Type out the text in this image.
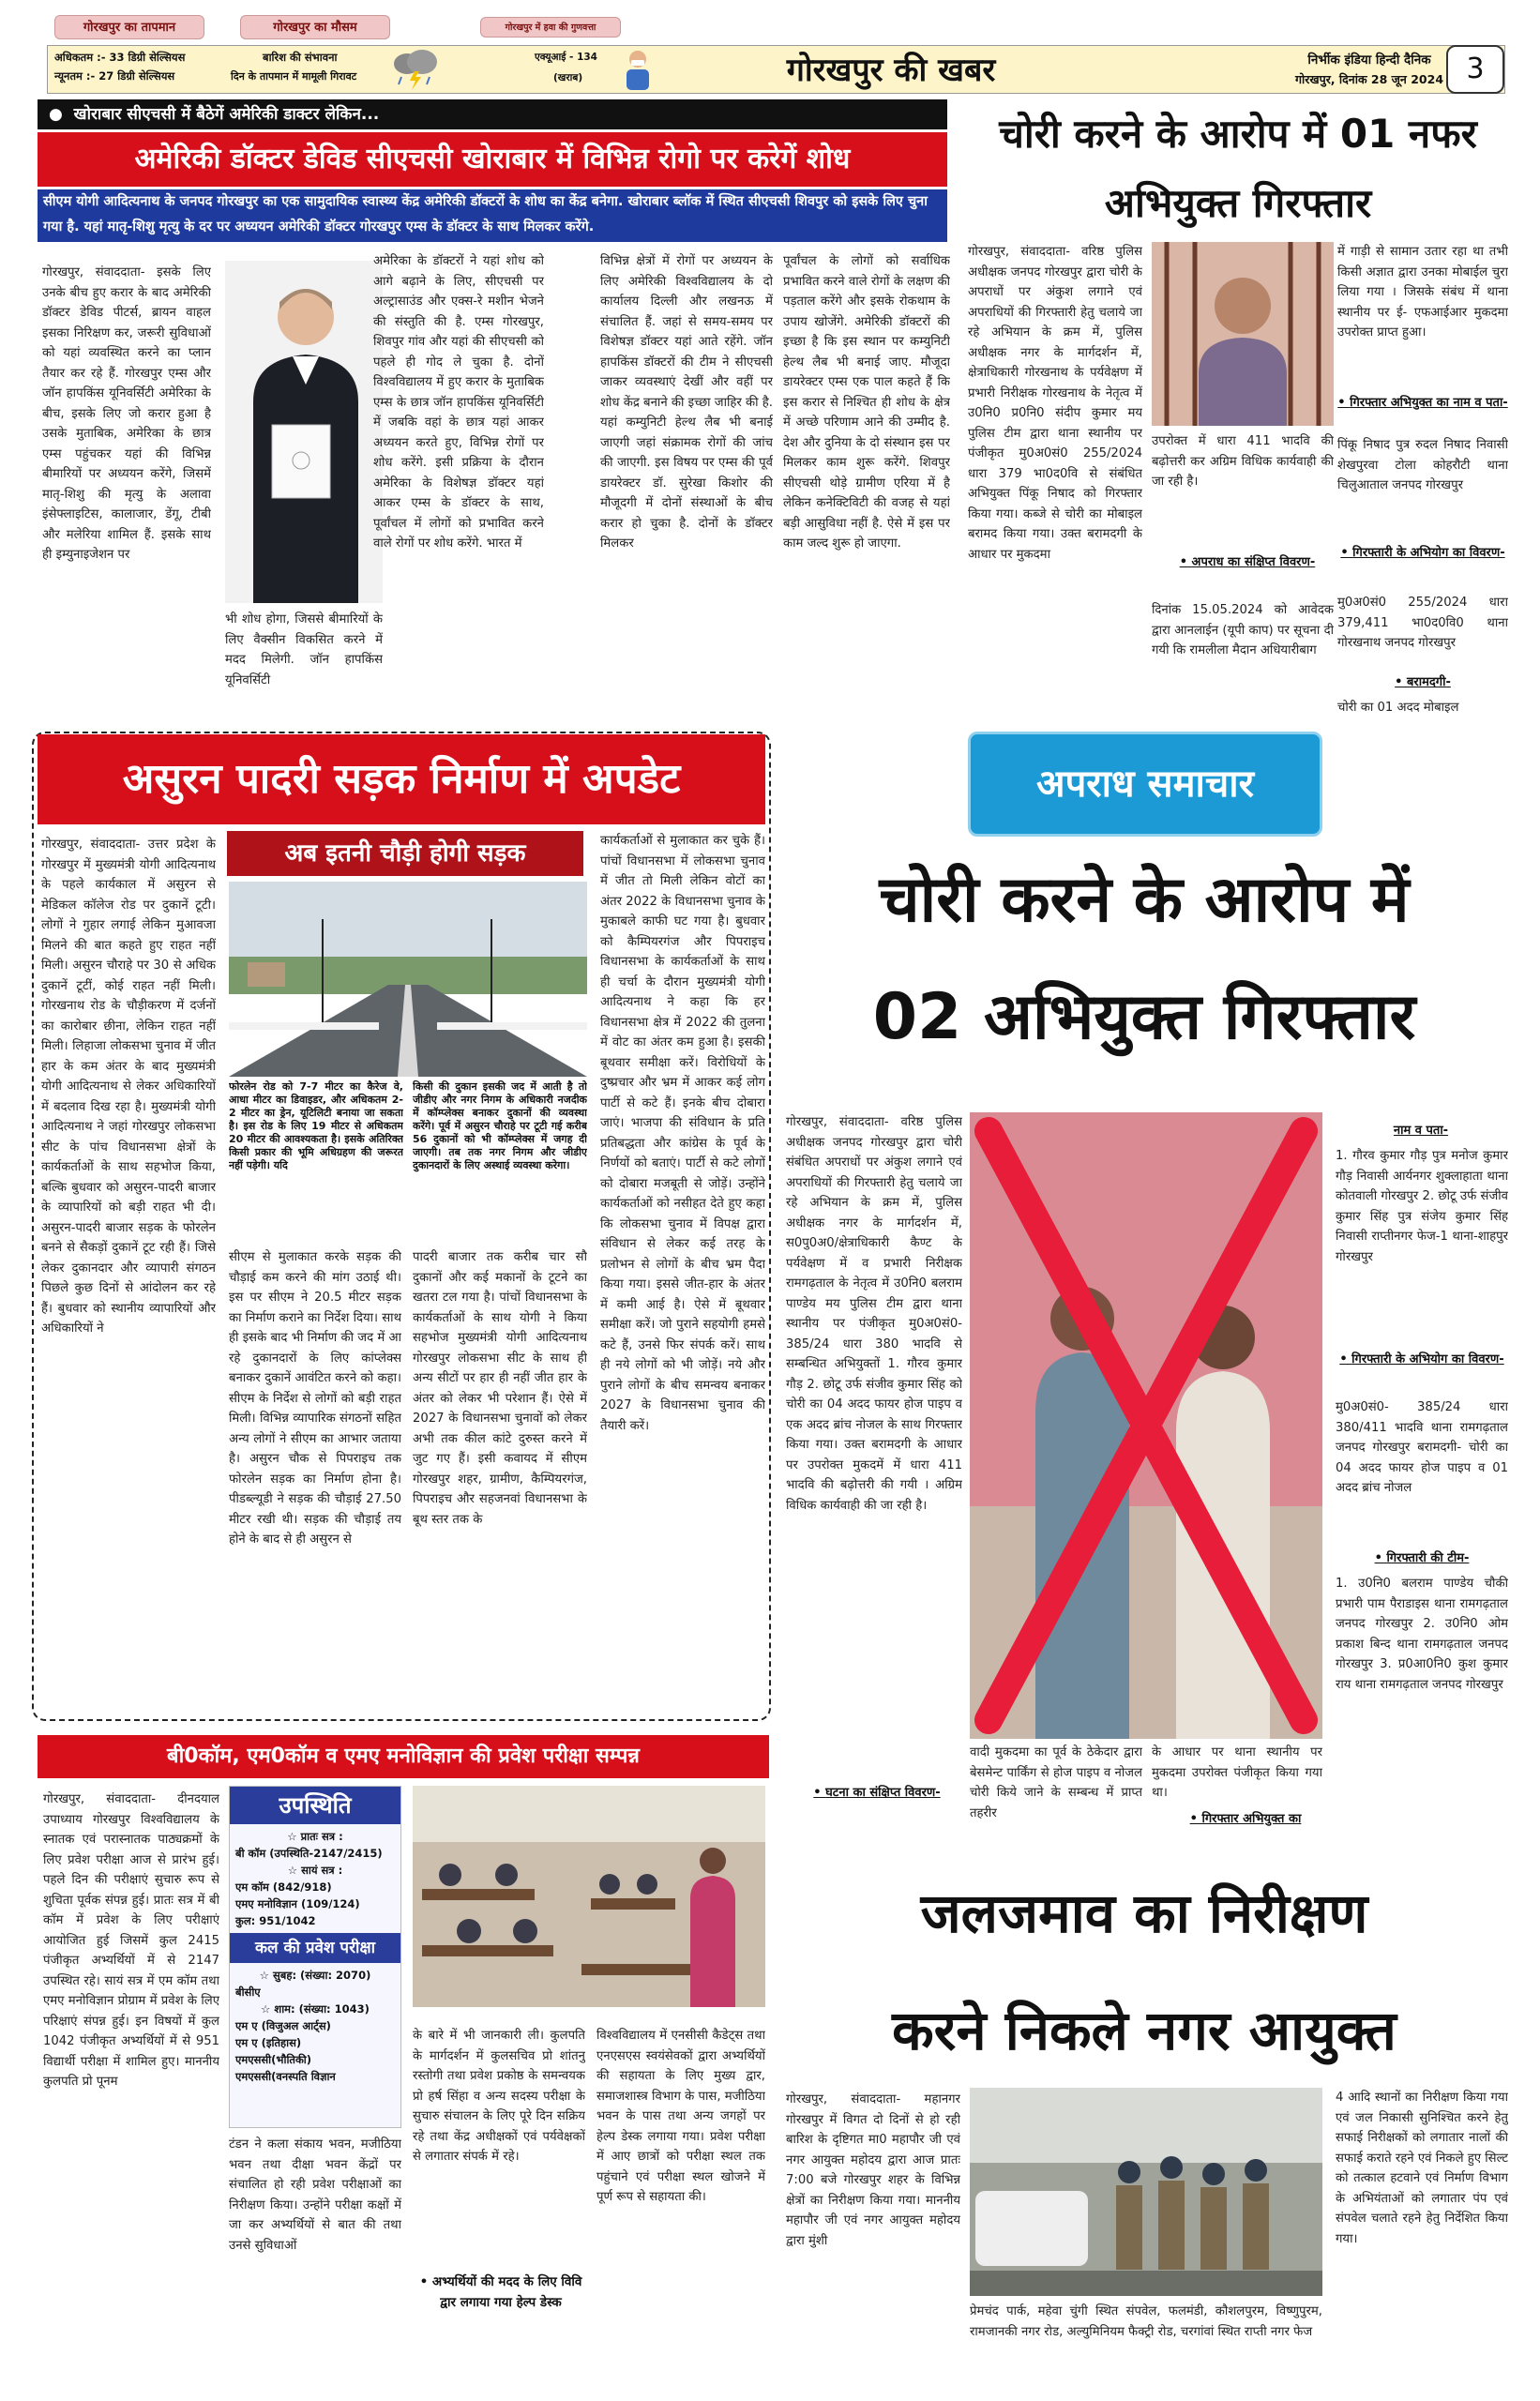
गोरखपुर का तापमान	गोरखपुर का मौसम	गोरखपुर में हवा की गुणवत्ता
अधिकतम :- 33 डिग्री सेल्सियस
न्यूनतम :- 27 डिग्री सेल्सियस
बारिश की संभावना
दिन के तापमान में मामूली गिरावट
एक्यूआई - 134
(खराब)	गोरखपुर की खबर	निर्भीक इंडिया हिन्दी दैनिक
गोरखपुर, दिनांक 28 जून 2024 3
●  खोराबार सीएचसी में बैठेगें अमेरिकी डाक्टर लेकिन...
अमेरिकी डॉक्टर डेविड सीएचसी खोराबार में विभिन्न रोगो पर करेगें शोध
सीएम योगी आदित्यनाथ के जनपद गोरखपुर का एक सामुदायिक स्वास्थ्य केंद्र अमेरिकी डॉक्टरों के शोध का केंद्र बनेगा. खोराबार ब्लॉक में स्थित सीएचसी शिवपुर को इसके लिए चुना गया है. यहां मातृ-शिशु मृत्यु के दर पर अध्ययन अमेरिकी डॉक्टर गोरखपुर एम्स के डॉक्टर के साथ मिलकर करेंगे.
गोरखपुर, संवाददाता- इसके लिए उनके बीच हुए करार के बाद अमेरिकी डॉक्टर डेविड पीटर्स, ब्रायन वाहल इसका निरिक्षण कर, जरूरी सुविधाओं को यहां व्यवस्थित करने का प्लान तैयार कर रहे हैं. गोरखपुर एम्स और जॉन हापकिंस यूनिवर्सिटी अमेरिका के बीच, इसके लिए जो करार हुआ है उसके मुताबिक, अमेरिका के छात्र एम्स पहुंचकर यहां की विभिन्न बीमारियों पर अध्ययन करेंगे, जिसमें मातृ-शिशु की मृत्यु के अलावा इंसेफ्लाइटिस, कालाजार, डेंगू, टीबी और मलेरिया शामिल हैं. इसके साथ ही इम्युनाइजेशन पर
भी शोध होगा, जिससे बीमारियों के लिए वैक्सीन विकसित करने में मदद मिलेगी. जॉन हापकिंस यूनिवर्सिटी
अमेरिका के डॉक्टरों ने यहां शोध को आगे बढ़ाने के लिए, सीएचसी पर अल्ट्रासाउंड और एक्स-रे मशीन भेजने की संस्तुति की है. एम्स गोरखपुर, शिवपुर गांव और यहां की सीएचसी को पहले ही गोद ले चुका है. दोनों विश्वविद्यालय में हुए करार के मुताबिक एम्स के छात्र जॉन हापकिंस यूनिवर्सिटी में जबकि वहां के छात्र यहां आकर अध्ययन करते हुए, विभिन्न रोगों पर शोध करेंगे. इसी प्रक्रिया के दौरान अमेरिका के विशेषज्ञ डॉक्टर यहां आकर एम्स के डॉक्टर के साथ, पूर्वांचल में लोगों को प्रभावित करने वाले रोगों पर शोध करेंगे. भारत में
विभिन्न क्षेत्रों में रोगों पर अध्ययन के लिए अमेरिकी विश्वविद्यालय के दो कार्यालय दिल्ली और लखनऊ में संचालित हैं. जहां से समय-समय पर विशेषज्ञ डॉक्टर यहां आते रहेंगे. जॉन हापकिंस डॉक्टरों की टीम ने सीएचसी जाकर व्यवस्थाएं देखीं और वहीं पर शोध केंद्र बनाने की इच्छा जाहिर की है. यहां कम्युनिटी हेल्थ लैब भी बनाई जाएगी जहां संक्रामक रोगों की जांच की जाएगी. इस विषय पर एम्स की पूर्व डायरेक्टर डॉ. सुरेखा किशोर की मौजूदगी में दोनों संस्थाओं के बीच करार हो चुका है. दोनों के डॉक्टर मिलकर
पूर्वांचल के लोगों को सर्वाधिक प्रभावित करने वाले रोगों के लक्षण की पड़ताल करेंगे और इसके रोकथाम के उपाय खोजेंगे. अमेरिकी डॉक्टरों की इच्छा है कि इस स्थान पर कम्युनिटी हेल्थ लैब भी बनाई जाए. मौजूदा डायरेक्टर एम्स एक पाल कहते हैं कि इस करार से निश्चित ही शोध के क्षेत्र में अच्छे परिणाम आने की उम्मीद है. देश और दुनिया के दो संस्थान इस पर मिलकर काम शुरू करेंगे. शिवपुर सीएचसी थोड़े ग्रामीण एरिया में है लेकिन कनेक्टिविटी की वजह से यहां बड़ी आसुविधा नहीं है. ऐसे में इस पर काम जल्द शुरू हो जाएगा.
चोरी करने के आरोप में 01 नफर अभियुक्त गिरफ्तार
गोरखपुर, संवाददाता- वरिष्ठ पुलिस अधीक्षक जनपद गोरखपुर द्वारा चोरी के अपराधों पर अंकुश लगाने एवं अपराधियों की गिरफ्तारी हेतु चलाये जा रहे अभियान के क्रम में, पुलिस अधीक्षक नगर के मार्गदर्शन में, क्षेत्राधिकारी गोरखनाथ के पर्यवेक्षण में प्रभारी निरीक्षक गोरखनाथ के नेतृत्व में उ0नि0 प्र0नि0 संदीप कुमार मय पुलिस टीम द्वारा थाना स्थानीय पर पंजीकृत मु0अ0सं0 255/2024 धारा 379 भा0द0वि से संबंधित अभियुक्त पिंकू निषाद को गिरफ्तार किया गया। कब्जे से चोरी का मोबाइल बरामद किया गया। उक्त बरामदगी के आधार पर मुकदमा
उपरोक्त में धारा 411 भादवि की बढ़ोत्तरी कर अग्रिम विधिक कार्यवाही की जा रही है।
• अपराध का संक्षिप्त विवरण-
दिनांक 15.05.2024 को आवेदक द्वारा आनलाईन (यूपी काप) पर सूचना दी गयी कि रामलीला मैदान अधियारीबाग
में गाड़ी से सामान उतार रहा था तभी किसी अज्ञात द्वारा उनका मोबाईल चुरा लिया गया । जिसके संबंध में थाना स्थानीय पर ई- एफआईआर मुकदमा उपरोक्त प्राप्त हुआ।
• गिरफ्तार अभियुक्त का नाम व पता-
पिंकू निषाद पुत्र रुदल निषाद निवासी शेखपुरवा टोला कोहरौटी थाना चिलुआताल जनपद गोरखपुर
• गिरफ्तारी के अभियोग का विवरण-
मु0अ0सं0 255/2024 धारा 379,411 भा0द0वि0 थाना गोरखनाथ जनपद गोरखपुर
• बरामदगी-
चोरी का 01 अदद मोबाइल
असुरन पादरी सड़क निर्माण में अपडेट
गोरखपुर, संवाददाता- उत्तर प्रदेश के गोरखपुर में मुख्यमंत्री योगी आदित्यनाथ के पहले कार्यकाल में असुरन से मेडिकल कॉलेज रोड पर दुकानें टूटी। लोगों ने गुहार लगाई लेकिन मुआवजा मिलने की बात कहते हुए राहत नहीं मिली। असुरन चौराहे पर 30 से अधिक दुकानें टूटीं, कोई राहत नहीं मिली। गोरखनाथ रोड के चौड़ीकरण में दर्जनों का कारोबार छीना, लेकिन राहत नहीं मिली। लिहाजा लोकसभा चुनाव में जीत हार के कम अंतर के बाद मुख्यमंत्री योगी आदित्यनाथ से लेकर अधिकारियों में बदलाव दिख रहा है। मुख्यमंत्री योगी आदित्यनाथ ने जहां गोरखपुर लोकसभा सीट के पांच विधानसभा क्षेत्रों के कार्यकर्ताओं के साथ सहभोज किया, बल्कि बुधवार को असुरन-पादरी बाजार के व्यापारियों को बड़ी राहत भी दी। असुरन-पादरी बाजार सड़क के फोरलेन बनने से सैकड़ों दुकानें टूट रही हैं। जिसे लेकर दुकानदार और व्यापारी संगठन पिछले कुछ दिनों से आंदोलन कर रहे हैं। बुधवार को स्थानीय व्यापारियों और अधिकारियों ने
अब इतनी चौड़ी होगी सड़क
फोरलेन रोड को 7-7 मीटर का कैरेज वे, आधा मीटर का डिवाइडर, और अधिकतम 2-2 मीटर का ड्रेन, यूटिलिटी बनाया जा सकता है। इस रोड के लिए 19 मीटर से अधिकतम 20 मीटर की आवश्यकता है। इसके अतिरिक्त किसी प्रकार की भूमि अधिग्रहण की जरूरत नहीं पड़ेगी। यदि
किसी की दुकान इसकी जद में आती है तो जीडीए और नगर निगम के अधिकारी नजदीक में कॉम्प्लेक्स बनाकर दुकानों की व्यवस्था करेंगे। पूर्व में असुरन चौराहे पर टूटी गई करीब 56 दुकानों को भी कॉम्प्लेक्स में जगह दी जाएगी। तब तक नगर निगम और जीडीए दुकानदारों के लिए अस्थाई व्यवस्था करेगा।
सीएम से मुलाकात करके सड़क की चौड़ाई कम करने की मांग उठाई थी। इस पर सीएम ने 20.5 मीटर सड़क का निर्माण कराने का निर्देश दिया। साथ ही इसके बाद भी निर्माण की जद में आ रहे दुकानदारों के लिए कांप्लेक्स बनाकर दुकानें आवंटित करने को कहा। सीएम के निर्देश से लोगों को बड़ी राहत मिली। विभिन्न व्यापारिक संगठनों सहित अन्य लोगों ने सीएम का आभार जताया है। असुरन चौक से पिपराइच तक फोरलेन सड़क का निर्माण होना है। पीडब्ल्यूडी ने सड़क की चौड़ाई 27.50 मीटर रखी थी। सड़क की चौड़ाई तय होने के बाद से ही असुरन से
पादरी बाजार तक करीब चार सौ दुकानों और कई मकानों के टूटने का खतरा टल गया है। पांचों विधानसभा के कार्यकर्ताओं के साथ योगी ने किया सहभोज मुख्यमंत्री योगी आदित्यनाथ गोरखपुर लोकसभा सीट के साथ ही अन्य सीटों पर हार ही नहीं जीत हार के अंतर को लेकर भी परेशान हैं। ऐसे में 2027 के विधानसभा चुनावों को लेकर अभी तक कील कांटे दुरुस्त करने में जुट गए हैं। इसी कवायद में सीएम गोरखपुर शहर, ग्रामीण, कैम्पियरगंज, पिपराइच और सहजनवां विधानसभा के बूथ स्तर तक के
कार्यकर्ताओं से मुलाकात कर चुके हैं। पांचों विधानसभा में लोकसभा चुनाव में जीत तो मिली लेकिन वोटों का अंतर 2022 के विधानसभा चुनाव के मुकाबले काफी घट गया है। बुधवार को कैम्पियरगंज और पिपराइच विधानसभा के कार्यकर्ताओं के साथ ही चर्चा के दौरान मुख्यमंत्री योगी आदित्यनाथ ने कहा कि हर विधानसभा क्षेत्र में 2022 की तुलना में वोट का अंतर कम हुआ है। इसकी बूथवार समीक्षा करें। विरोधियों के दुष्प्रचार और भ्रम में आकर कई लोग पार्टी से कटे हैं। इनके बीच दोबारा जाएं। भाजपा की संविधान के प्रति प्रतिबद्धता और कांग्रेस के पूर्व के निर्णयों को बताएं। पार्टी से कटे लोगों को दोबारा मजबूती से जोड़ें। उन्होंने कार्यकर्ताओं को नसीहत देते हुए कहा कि लोकसभा चुनाव में विपक्ष द्वारा संविधान से लेकर कई तरह के प्रलोभन से लोगों के बीच भ्रम पैदा किया गया। इससे जीत-हार के अंतर में कमी आई है। ऐसे में बूथवार समीक्षा करें। जो पुराने सहयोगी हमसे कटे हैं, उनसे फिर संपर्क करें। साथ ही नये लोगों को भी जोड़ें। नये और पुराने लोगों के बीच समन्वय बनाकर 2027 के विधानसभा चुनाव की तैयारी करें।
अपराध समाचार
चोरी करने के आरोप में
02 अभियुक्त गिरफ्तार
गोरखपुर, संवाददाता- वरिष्ठ पुलिस अधीक्षक जनपद गोरखपुर द्वारा चोरी संबंधित अपराधों पर अंकुश लगाने एवं अपराधियों की गिरफ्तारी हेतु चलाये जा रहे अभियान के क्रम में, पुलिस अधीक्षक नगर के मार्गदर्शन में, स0पु0अ0/क्षेत्राधिकारी कैण्ट के पर्यवेक्षण में व प्रभारी निरीक्षक रामगढ़ताल के नेतृत्व में उ0नि0 बलराम पाण्डेय मय पुलिस टीम द्वारा थाना स्थानीय पर पंजीकृत मु0अ0सं0- 385/24 धारा 380 भादवि से सम्बन्धित अभियुक्तों 1. गौरव कुमार गौड़ 2. छोटू उर्फ संजीव कुमार सिंह को चोरी का 04 अदद फायर होज पाइप व एक अदद ब्रांच नोजल के साथ गिरफ्तार किया गया। उक्त बरामदगी के आधार पर उपरोक्त मुकदमें में धारा 411 भादवि की बढ़ोत्तरी की गयी । अग्रिम विधिक कार्यवाही की जा रही है।
• घटना का संक्षिप्त विवरण-
वादी मुकदमा का पूर्व के ठेकेदार द्वारा बेसमेन्ट पार्किंग से होज पाइप व नोजल चोरी किये जाने के सम्बन्ध में प्राप्त तहरीर
के आधार पर थाना स्थानीय पर मुकदमा उपरोक्त पंजीकृत किया गया था।
• गिरफ्तार अभियुक्त का
नाम व पता-
1. गौरव कुमार गौड़ पुत्र मनोज कुमार गौड़ निवासी आर्यनगर शुक्लाहाता थाना कोतवाली गोरखपुर 2. छोटू उर्फ संजीव कुमार सिंह पुत्र संजेय कुमार सिंह निवासी राप्तीनगर फेज-1 थाना-शाहपुर गोरखपुर
• गिरफ्तारी के अभियोग का विवरण-
मु0अ0सं0- 385/24 धारा 380/411 भादवि थाना रामगढ़ताल जनपद गोरखपुर बरामदगी- चोरी का 04 अदद फायर होज पाइप व 01 अदद ब्रांच नोजल
• गिरफ्तारी की टीम-
1. उ0नि0 बलराम पाण्डेय चौकी प्रभारी पाम पैराडाइस थाना रामगढ़ताल जनपद गोरखपुर 2. उ0नि0 ओम प्रकाश बिन्द थाना रामगढ़ताल जनपद गोरखपुर 3. प्र0आ0नि0 कुश कुमार राय थाना रामगढ़ताल जनपद गोरखपुर
बी0कॉम, एम0कॉम व एमए मनोविज्ञान की प्रवेश परीक्षा सम्पन्न
गोरखपुर, संवाददाता- दीनदयाल उपाध्याय गोरखपुर विश्वविद्यालय के स्नातक एवं परास्नातक पाठ्यक्रमों के लिए प्रवेश परीक्षा आज से प्रारंभ हुई। पहले दिन की परीक्षाएं सुचारु रूप से शुचिता पूर्वक संपन्न हुई। प्रातः सत्र में बी कॉम में प्रवेश के लिए परीक्षाएं आयोजित हुई जिसमें कुल 2415 पंजीकृत अभ्यर्थियों में से 2147 उपस्थित रहे। सायं सत्र में एम कॉम तथा एमए मनोविज्ञान प्रोग्राम में प्रवेश के लिए परिक्षाएं संपन्न हुई। इन विषयों में कुल 1042 पंजीकृत अभ्यर्थियों में से 951 विद्यार्थी परीक्षा में शामिल हुए। माननीय कुलपति प्रो पूनम
उपस्थिति
☆ प्रातः सत्र :
बी कॉम (उपस्थिति-2147/2415)
☆ सायं सत्र :
एम कॉम (842/918)
एमए मनोविज्ञान (109/124)
कुल: 951/1042
कल की प्रवेश परीक्षा
☆ सुबह: (संख्या: 2070)
बीसीए
☆ शाम: (संख्या: 1043)
एम ए (विजुअल आर्ट्स)
एम ए (इतिहास)
एमएससी(भौतिकी)
एमएससी(वनस्पति विज्ञान
टंडन ने कला संकाय भवन, मजीठिया भवन तथा दीक्षा भवन केंद्रों पर संचालित हो रही प्रवेश परीक्षाओं का निरीक्षण किया। उन्होंने परीक्षा कक्षों में जा कर अभ्यर्थियों से बात की तथा उनसे सुविधाओं
के बारे में भी जानकारी ली। कुलपति के मार्गदर्शन में कुलसचिव प्रो शांतनु रस्तोगी तथा प्रवेश प्रकोष्ठ के समन्वयक प्रो हर्ष सिंहा व अन्य सदस्य परीक्षा के सुचारु संचालन के लिए पूरे दिन सक्रिय रहे तथा केंद्र अधीक्षकों एवं पर्यवेक्षकों से लगातार संपर्क में रहे।
• अभ्यर्थियों की मदद के लिए विवि द्वार लगाया गया हेल्प डेस्क
विश्वविद्यालय में एनसीसी कैडेट्स तथा एनएसएस स्वयंसेवकों द्वारा अभ्यर्थियों की सहायता के लिए मुख्य द्वार, समाजशास्त्र विभाग के पास, मजीठिया भवन के पास तथा अन्य जगहों पर हेल्प डेस्क लगाया गया। प्रवेश परीक्षा में आए छात्रों को परीक्षा स्थल तक पहुंचाने एवं परीक्षा स्थल खोजने में पूर्ण रूप से सहायता की।
जलजमाव का निरीक्षण
करने निकले नगर आयुक्त
गोरखपुर, संवाददाता- महानगर गोरखपुर में विगत दो दिनों से हो रही बारिश के दृष्टिगत मा0 महापौर जी एवं नगर आयुक्त महोदय द्वारा आज प्रातः 7:00 बजे गोरखपुर शहर के विभिन्न क्षेत्रों का निरीक्षण किया गया। माननीय महापौर जी एवं नगर आयुक्त महोदय द्वारा मुंशी
प्रेमचंद पार्क, महेवा चुंगी स्थित संपवेल, फलमंडी, कौशलपुरम, विष्णुपुरम, रामजानकी नगर रोड, अल्युमिनियम फैक्ट्री रोड, चरगांवां स्थित राप्ती नगर फेज
4 आदि स्थानों का निरीक्षण किया गया एवं जल निकासी सुनिश्चित करने हेतु सफाई निरीक्षकों को लगातार नालों की सफाई कराते रहने एवं निकले हुए सिल्ट को तत्काल हटवाने एवं निर्माण विभाग के अभियंताओं को लगातार पंप एवं संपवेल चलाते रहने हेतु निर्देशित किया गया।
